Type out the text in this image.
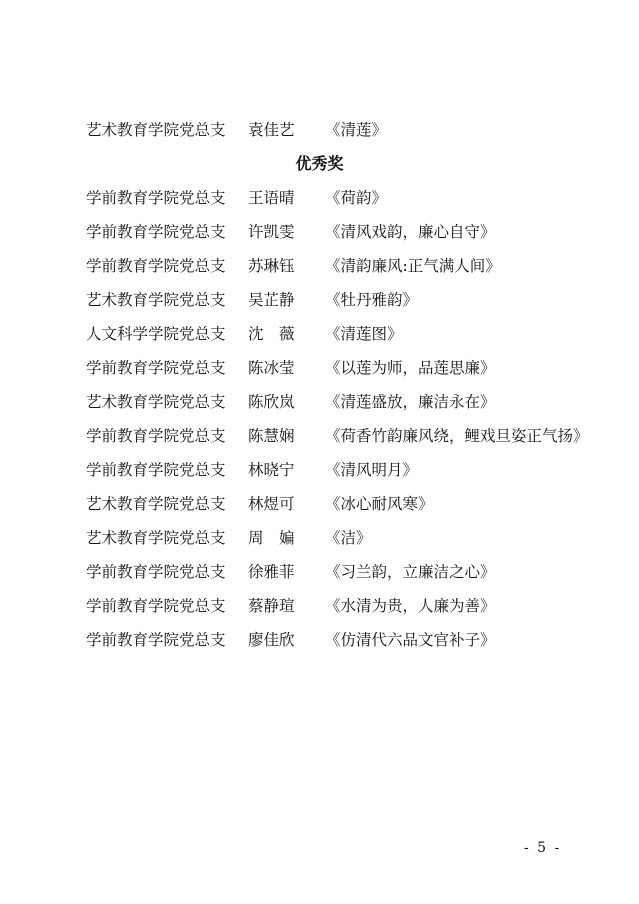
艺术教育学院党总支 袁佳艺 《清莲》
优秀奖
学前教育学院党总支 王语晴 《荷韵》
学前教育学院党总支 许凯雯 《清风戏韵，廉心自守》
学前教育学院党总支 苏琳钰 《清韵廉风:正气满人间》
艺术教育学院党总支 吴芷静 《牡丹雅韵》
人文科学学院党总支 沈　薇 《清莲图》
学前教育学院党总支 陈冰莹 《以莲为师，品莲思廉》
艺术教育学院党总支 陈欣岚 《清莲盛放，廉洁永在》
学前教育学院党总支 陈慧娴 《荷香竹韵廉风绕，鲤戏旦姿正气扬》
学前教育学院党总支 林晓宁 《清风明月》
艺术教育学院党总支 林煜可 《冰心耐风寒》
艺术教育学院党总支 周　媥 《洁》
学前教育学院党总支 徐雅菲 《习兰韵，立廉洁之心》
学前教育学院党总支 蔡静瑄 《水清为贵，人廉为善》
学前教育学院党总支 廖佳欣 《仿清代六品文官补子》
- 5 -
